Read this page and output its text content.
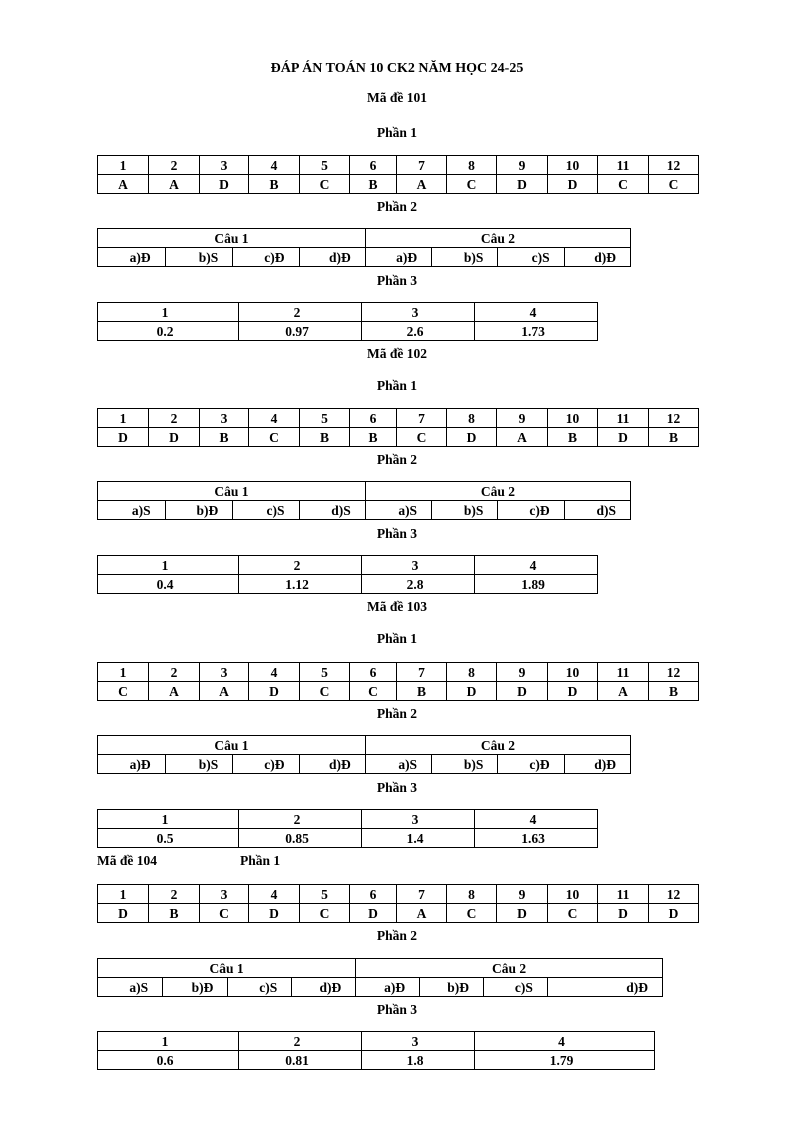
ĐÁP ÁN TOÁN 10 CK2 NĂM HỌC 24-25
Mã đề 101
Phần 1
1	2	3	4	5	6	7	8	9	10	11	12
A	A	D	B	C	B	A	C	D	D	C	C
Phần 2
Câu 1				Câu 2			
a)Đ	b)S	c)Đ	d)Đ	a)Đ	b)S	c)S	d)Đ
Phần 3
1	2	3	4
0.2	0.97	2.6	1.73
Mã đề 102
Phần 1
1	2	3	4	5	6	7	8	9	10	11	12
D	D	B	C	B	B	C	D	A	B	D	B
Phần 2
Câu 1				Câu 2			
a)S	b)Đ	c)S	d)S	a)S	b)S	c)Đ	d)S
Phần 3
1	2	3	4
0.4	1.12	2.8	1.89
Mã đề 103
Phần 1
1	2	3	4	5	6	7	8	9	10	11	12
C	A	A	D	C	C	B	D	D	D	A	B
Phần 2
Câu 1				Câu 2			
a)Đ	b)S	c)Đ	d)Đ	a)S	b)S	c)Đ	d)Đ
Phần 3
1	2	3	4
0.5	0.85	1.4	1.63
Mã đề 104	Phần 1
1	2	3	4	5	6	7	8	9	10	11	12
D	B	C	D	C	D	A	C	D	C	D	D
Phần 2
Câu 1				Câu 2			
a)S	b)Đ	c)S	d)Đ	a)Đ	b)Đ	c)S	d)Đ
Phần 3
1	2	3	4
0.6	0.81	1.8	1.79
